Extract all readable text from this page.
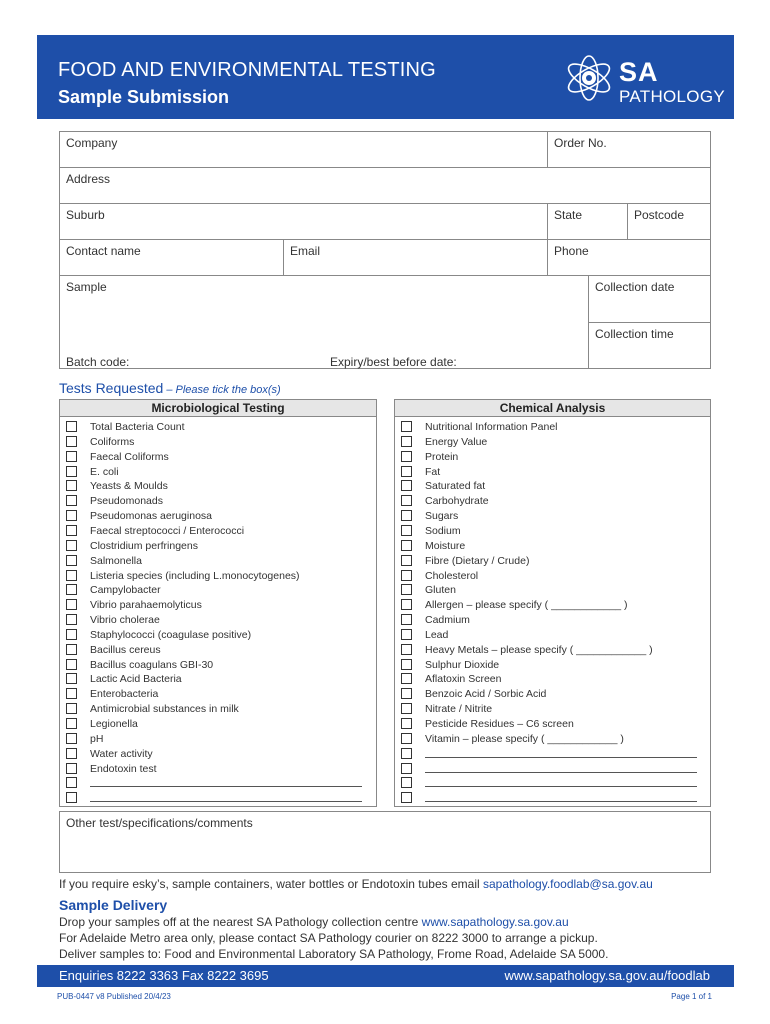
FOOD AND ENVIRONMENTAL TESTING
Sample Submission
SA
PATHOLOGY
Company	Order No.
Address
Suburb	State	Postcode
Contact name	Email	Phone
Sample
Batch code:	Expiry/best before date:
Collection date
Collection time
Tests Requested – Please tick the box(s)
Microbiological Testing
Total Bacteria Count
Coliforms
Faecal Coliforms
E. coli
Yeasts & Moulds
Pseudomonads
Pseudomonas aeruginosa
Faecal streptococci / Enterococci
Clostridium perfringens
Salmonella
Listeria species (including L.monocytogenes)
Campylobacter
Vibrio parahaemolyticus
Vibrio cholerae
Staphylococci (coagulase positive)
Bacillus cereus
Bacillus coagulans GBI-30
Lactic Acid Bacteria
Enterobacteria
Antimicrobial substances in milk
Legionella
pH
Water activity
Endotoxin test
Chemical Analysis
Nutritional Information Panel
Energy Value
Protein
Fat
Saturated fat
Carbohydrate
Sugars
Sodium
Moisture
Fibre (Dietary / Crude)
Cholesterol
Gluten
Allergen – please specify ( ____________ )
Cadmium
Lead
Heavy Metals – please specify ( ____________ )
Sulphur Dioxide
Aflatoxin Screen
Benzoic Acid / Sorbic Acid
Nitrate / Nitrite
Pesticide Residues – C6 screen
Vitamin – please specify ( ____________ )
Other test/specifications/comments
If you require esky’s, sample containers, water bottles or Endotoxin tubes email sapathology.foodlab@sa.gov.au
Sample Delivery
Drop your samples off at the nearest SA Pathology collection centre www.sapathology.sa.gov.au
For Adelaide Metro area only, please contact SA Pathology courier on 8222 3000 to arrange a pickup.
Deliver samples to: Food and Environmental Laboratory SA Pathology, Frome Road, Adelaide SA 5000.
Enquiries 8222 3363 Fax 8222 3695	www.sapathology.sa.gov.au/foodlab
PUB-0447 v8 Published 20/4/23	Page 1 of 1
